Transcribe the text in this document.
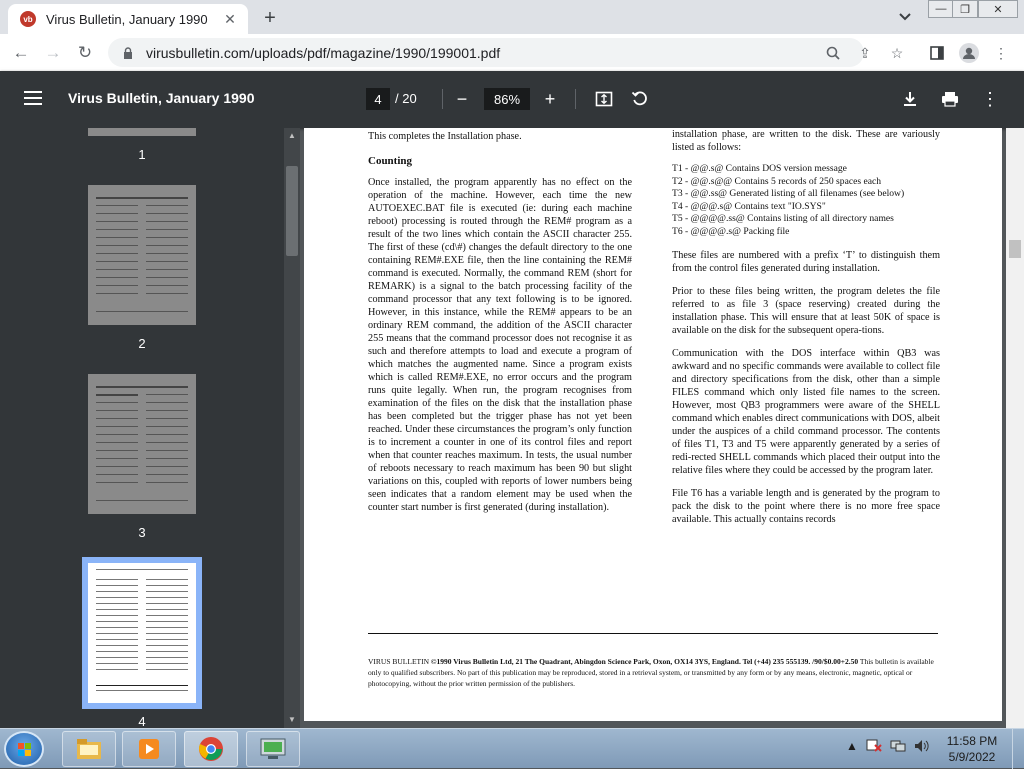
vb Virus Bulletin, January 1990	✕	+	—	❐	✕
← → ↻	virusbulletin.com/uploads/pdf/magazine/1990/199001.pdf	⇪	☆	⋮
Virus Bulletin, January 1990	4	/ 20	−	86%	+	⋮
1
2
3
4
▲
▼

This completes the Installation phase.

Counting

Once installed, the program apparently has no effect on the operation of the machine. However, each time the new AUTOEXEC.BAT file is executed (ie: during each machine reboot) processing is routed through the REM# program as a result of the two lines which contain the ASCII character 255. The first of these (cd\#) changes the default directory to the one containing REM#.EXE file, then the line containing the REM# command is executed. Normally, the command REM (short for REMARK) is a signal to the batch processing facility of the command processor that any text following is to be ignored. However, in this instance, while the REM# appears to be an ordinary REM command, the addition of the ASCII character 255 means that the command processor does not recognise it as such and therefore attempts to load and execute a program of which matches the augmented name. Since a program exists which is called REM#.EXE, no error occurs and the program runs quite legally. When run, the program recognises from examination of the files on the disk that the installation phase has been completed but the trigger phase has not yet been reached. Under these circumstances the program’s only function is to increment a counter in one of its control files and report when that counter reaches maximum. In tests, the usual number of reboots necessary to reach maximum has been 90 but slight variations on this, coupled with reports of lower numbers being seen indicates that a random element may be used when the counter start number is first generated (during installation).

installation phase, are written to the disk. These are variously listed as follows:

T1 - @@.s@ Contains DOS version message
T2 - @@.s@@ Contains 5 records of 250 spaces each
T3 - @@.ss@ Generated listing of all filenames (see below)
T4 - @@@.s@ Contains text "IO.SYS"
T5 - @@@@.ss@ Contains listing of all directory names
T6 - @@@@.s@ Packing file

These files are numbered with a prefix ‘T’ to distinguish them from the control files generated during installation.

Prior to these files being written, the program deletes the file referred to as file 3 (space reserving) created during the installation phase. This will ensure that at least 50K of space is available on the disk for the subsequent opera-tions.

Communication with the DOS interface within QB3 was awkward and no specific commands were available to collect file and directory specifications from the disk, other than a simple FILES command which only listed file names to the screen. However, most QB3 programmers were aware of the SHELL command which enables direct communications with DOS, albeit under the auspices of a child command processor. The contents of files T1, T3 and T5 were apparently generated by a series of redi-rected SHELL commands which placed their output into the relative files where they could be accessed by the program later.

File T6 has a variable length and is generated by the program to pack the disk to the point where there is no more free space available. This actually contains records

VIRUS BULLETIN ©1990 Virus Bulletin Ltd, 21 The Quadrant, Abingdon Science Park, Oxon, OX14 3YS, England. Tel (+44) 235 555139. /90/$0.00+2.50 This bulletin is available only to qualified subscribers. No part of this publication may be reproduced, stored in a retrieval system, or transmitted by any form or by any means, electronic, magnetic, optical or photocopying, without the prior written permission of the publishers.
▲	11:58 PM
5/9/2022
